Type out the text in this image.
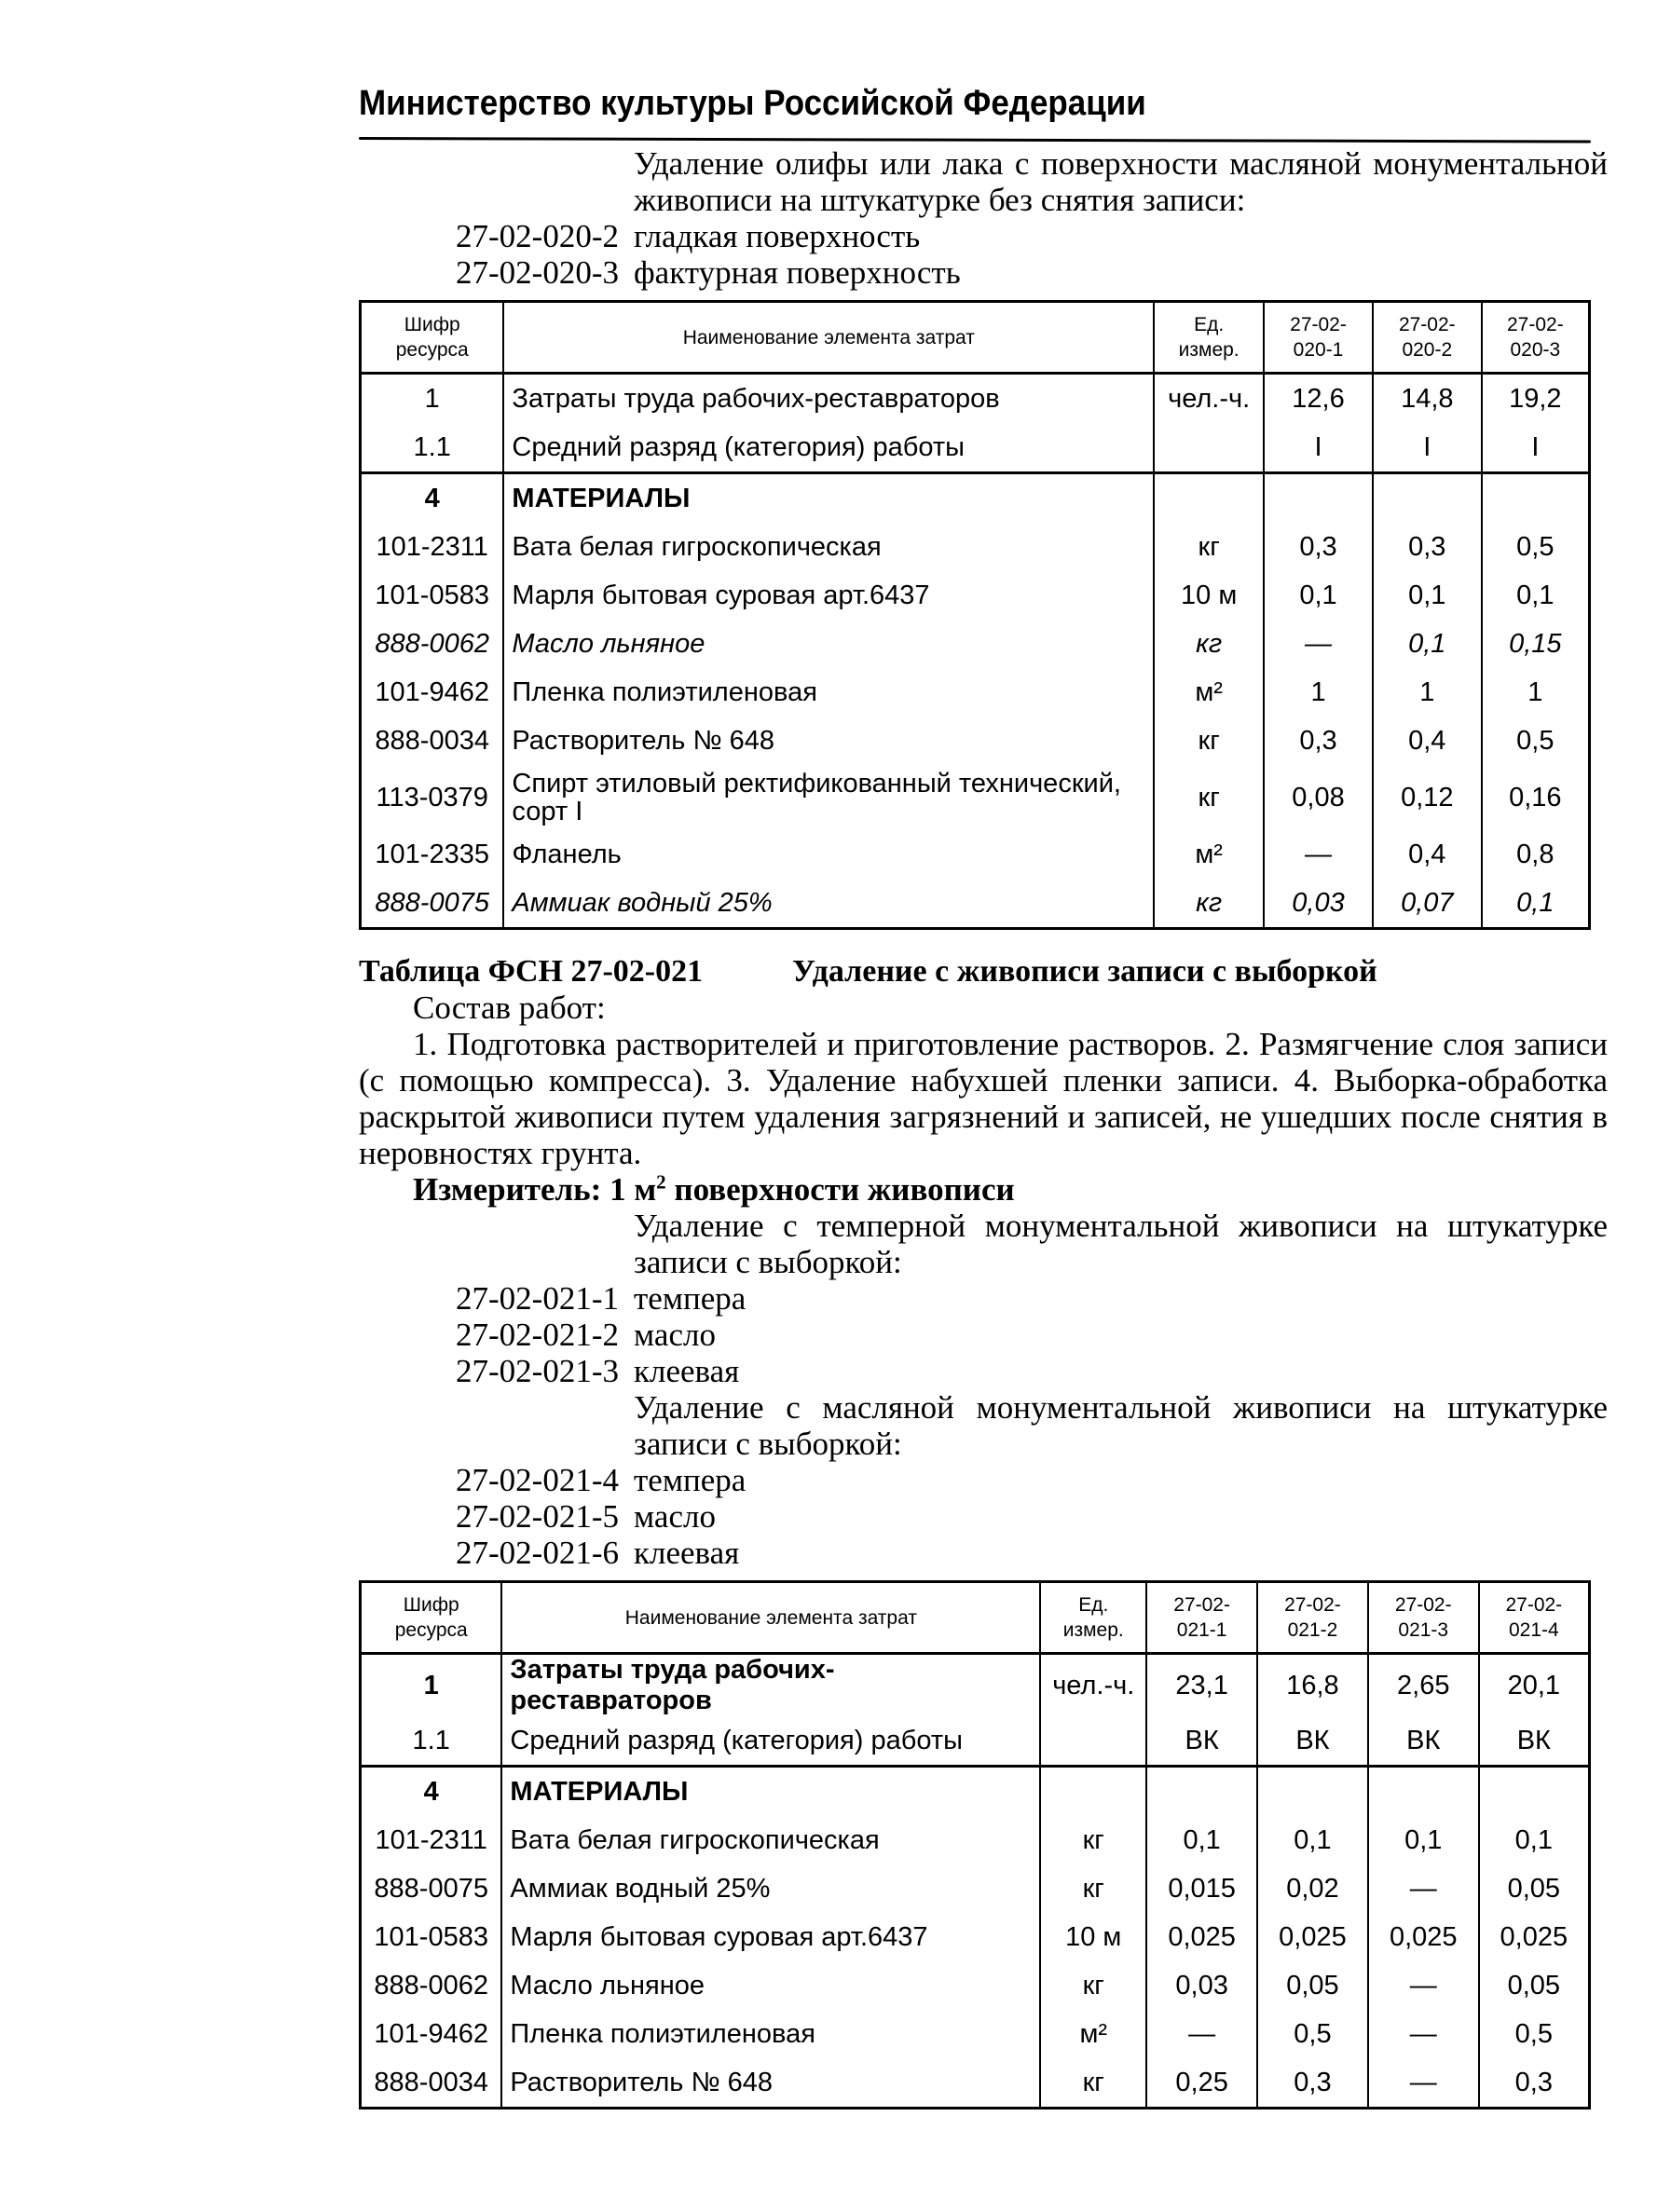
Министерство культуры Российской Федерации
Удаление олифы или лака с поверхности масляной монументальной живописи на штукатурке без снятия записи:
27-02-020-2 гладкая поверхность
27-02-020-3 фактурная поверхность
Шифр ресурса	Наименование элемента затрат	Ед. измер.	27-02-020-1	27-02-020-2	27-02-020-3
1	Затраты труда рабочих-реставраторов	чел.-ч.	12,6	14,8	19,2
1.1	Средний разряд (категория) работы		I	I	I
4	МАТЕРИАЛЫ				
101-2311	Вата белая гигроскопическая	кг	0,3	0,3	0,5
101-0583	Марля бытовая суровая арт.6437	10 м	0,1	0,1	0,1
888-0062	Масло льняное	кг	—	0,1	0,15
101-9462	Пленка полиэтиленовая	м²	1	1	1
888-0034	Растворитель № 648	кг	0,3	0,4	0,5
113-0379	Спирт этиловый ректификованный технический, сорт I	кг	0,08	0,12	0,16
101-2335	Фланель	м²	—	0,4	0,8
888-0075	Аммиак водный 25%	кг	0,03	0,07	0,1
Таблица ФСН 27-02-021	Удаление с живописи записи с выборкой
Состав работ:
1. Подготовка растворителей и приготовление растворов. 2. Размягчение слоя записи (с помощью компресса). 3. Удаление набухшей пленки записи. 4. Выборка-обработка раскрытой живописи путем удаления загрязнений и записей, не ушедших после снятия в неровностях грунта.
Измеритель: 1 $м^2$ поверхности живописи
Удаление с темперной монументальной живописи на штукатурке записи с выборкой:
27-02-021-1 темпера
27-02-021-2 масло
27-02-021-3 клеевая
Удаление с масляной монументальной живописи на штукатурке записи с выборкой:
27-02-021-4 темпера
27-02-021-5 масло
27-02-021-6 клеевая
Шифр ресурса	Наименование элемента затрат	Ед. измер.	27-02-021-1	27-02-021-2	27-02-021-3	27-02-021-4
1	Затраты труда рабочих-реставраторов	чел.-ч.	23,1	16,8	2,65	20,1
1.1	Средний разряд (категория) работы		ВК	ВК	ВК	ВК
4	МАТЕРИАЛЫ					
101-2311	Вата белая гигроскопическая	кг	0,1	0,1	0,1	0,1
888-0075	Аммиак водный 25%	кг	0,015	0,02	—	0,05
101-0583	Марля бытовая суровая арт.6437	10 м	0,025	0,025	0,025	0,025
888-0062	Масло льняное	кг	0,03	0,05	—	0,05
101-9462	Пленка полиэтиленовая	м²	—	0,5	—	0,5
888-0034	Растворитель № 648	кг	0,25	0,3	—	0,3
